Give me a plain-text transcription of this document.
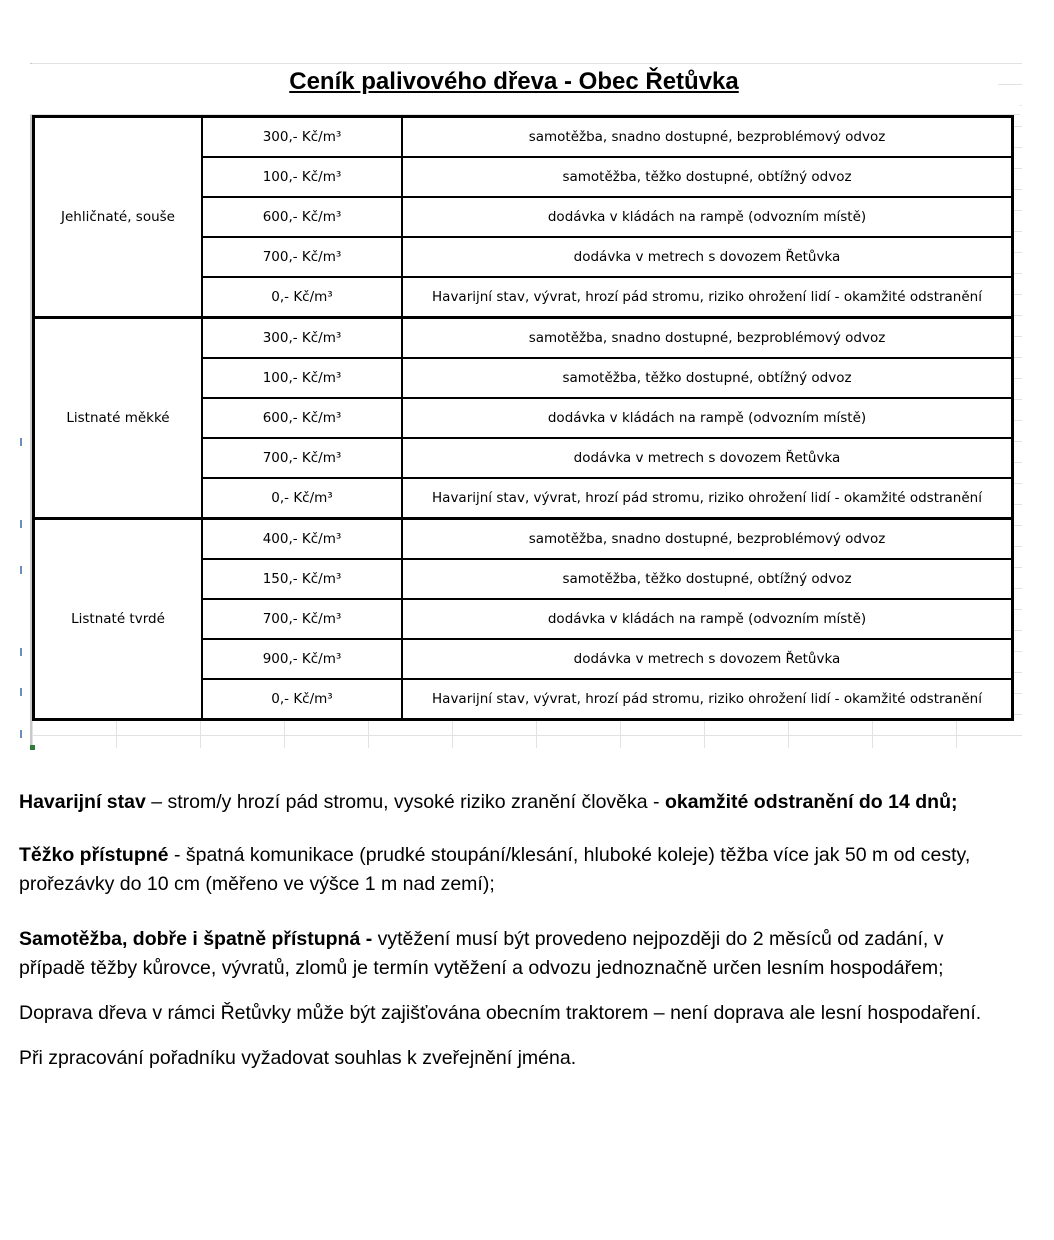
Ceník palivového dřeva - Obec Řetůvka
Jehličnaté, souše	300,- Kč/m³	samotěžba, snadno dostupné, bezproblémový odvoz
	100,- Kč/m³	samotěžba, těžko dostupné, obtížný odvoz
	600,- Kč/m³	dodávka v kládách na rampě (odvozním místě)
	700,- Kč/m³	dodávka v metrech s dovozem Řetůvka
	0,- Kč/m³	Havarijní stav, vývrat, hrozí pád stromu, riziko ohrožení lidí - okamžité odstranění
Listnaté měkké	300,- Kč/m³	samotěžba, snadno dostupné, bezproblémový odvoz
	100,- Kč/m³	samotěžba, těžko dostupné, obtížný odvoz
	600,- Kč/m³	dodávka v kládách na rampě (odvozním místě)
	700,- Kč/m³	dodávka v metrech s dovozem Řetůvka
	0,- Kč/m³	Havarijní stav, vývrat, hrozí pád stromu, riziko ohrožení lidí - okamžité odstranění
Listnaté tvrdé	400,- Kč/m³	samotěžba, snadno dostupné, bezproblémový odvoz
	150,- Kč/m³	samotěžba, těžko dostupné, obtížný odvoz
	700,- Kč/m³	dodávka v kládách na rampě (odvozním místě)
	900,- Kč/m³	dodávka v metrech s dovozem Řetůvka
	0,- Kč/m³	Havarijní stav, vývrat, hrozí pád stromu, riziko ohrožení lidí - okamžité odstranění

Havarijní stav – strom/y hrozí pád stromu, vysoké riziko zranění člověka - okamžité odstranění do 14 dnů;

Těžko přístupné - špatná komunikace (prudké stoupání/klesání, hluboké koleje) těžba více jak 50 m od cesty, prořezávky do 10 cm (měřeno ve výšce 1 m nad zemí);

Samotěžba, dobře i špatně přístupná - vytěžení musí být provedeno nejpozději do 2 měsíců od zadání, v případě těžby kůrovce, vývratů, zlomů je termín vytěžení a odvozu jednoznačně určen lesním hospodářem;

Doprava dřeva v rámci Řetůvky může být zajišťována obecním traktorem – není doprava ale lesní hospodaření.

Při zpracování pořadníku vyžadovat souhlas k zveřejnění jména.
